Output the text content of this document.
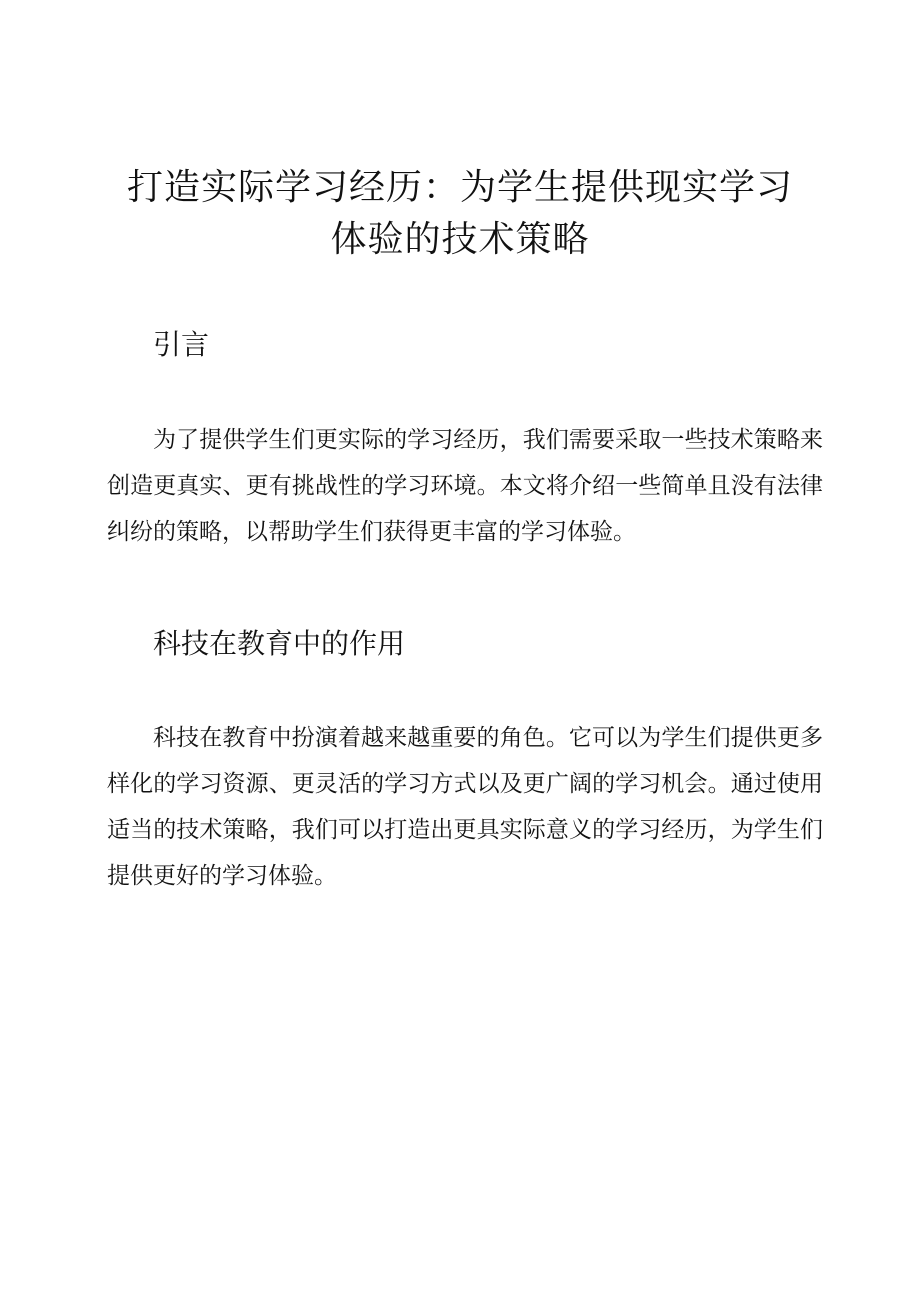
打造实际学习经历：为学生提供现实学习体验的技术策略
引言

为了提供学生们更实际的学习经历，我们需要采取一些技术策略来创造更真实、更有挑战性的学习环境。本文将介绍一些简单且没有法律纠纷的策略，以帮助学生们获得更丰富的学习体验。

科技在教育中的作用

科技在教育中扮演着越来越重要的角色。它可以为学生们提供更多样化的学习资源、更灵活的学习方式以及更广阔的学习机会。通过使用适当的技术策略，我们可以打造出更具实际意义的学习经历，为学生们提供更好的学习体验。
